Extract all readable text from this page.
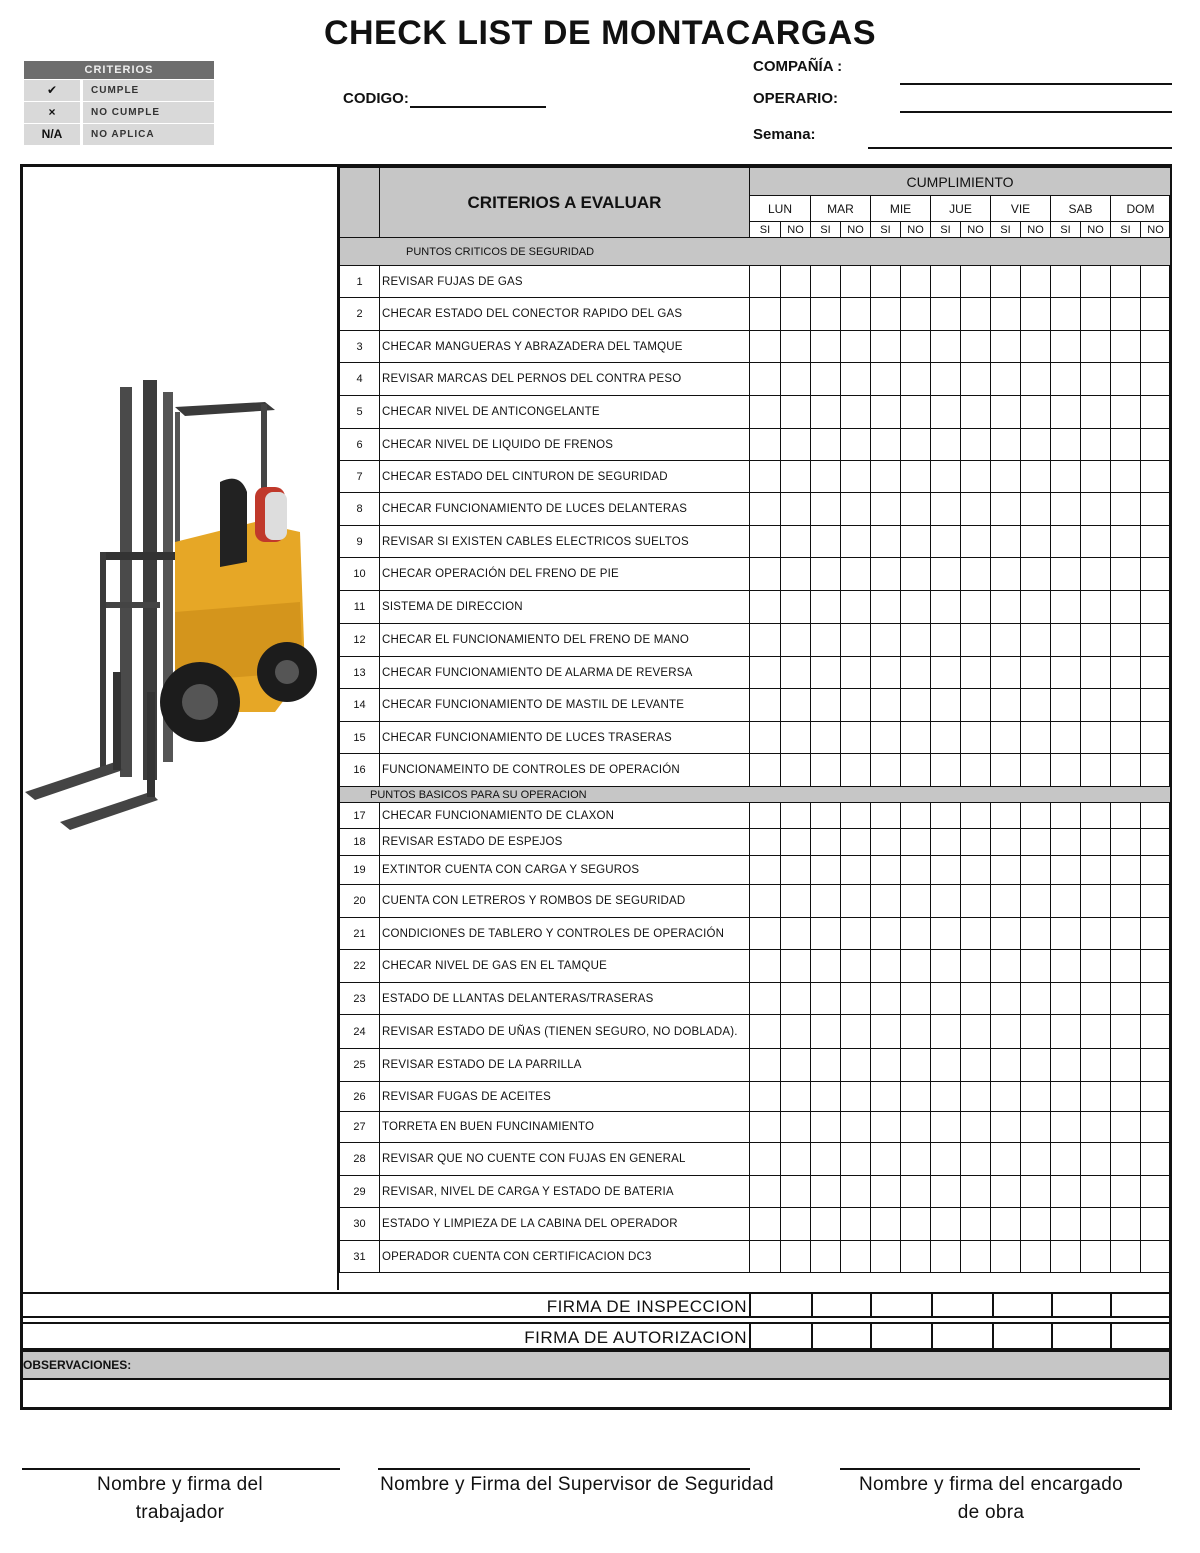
CHECK LIST DE MONTACARGAS
CRITERIOS
✔	CUMPLE
×	NO CUMPLE
N/A	NO APLICA
CODIGO:
COMPAÑÍA :
OPERARIO:
Semana:
	CRITERIOS A EVALUAR	CUMPLIMIENTO													
		LUN		MAR		MIE		JUE		VIE		SAB		DOM	
		SI	NO	SI	NO	SI	NO	SI	NO	SI	NO	SI	NO	SI	NO
PUNTOS CRITICOS DE SEGURIDAD															
1	REVISAR FUJAS DE GAS														
2	CHECAR ESTADO DEL CONECTOR RAPIDO DEL GAS														
3	CHECAR MANGUERAS Y ABRAZADERA DEL TAMQUE														
4	REVISAR MARCAS DEL PERNOS DEL CONTRA PESO														
5	CHECAR NIVEL DE ANTICONGELANTE														
6	CHECAR NIVEL DE LIQUIDO DE FRENOS														
7	CHECAR ESTADO DEL CINTURON DE SEGURIDAD														
8	CHECAR FUNCIONAMIENTO DE LUCES DELANTERAS														
9	REVISAR SI EXISTEN CABLES ELECTRICOS SUELTOS														
10	CHECAR OPERACIÓN DEL FRENO DE PIE														
11	SISTEMA DE DIRECCION														
12	CHECAR EL FUNCIONAMIENTO DEL FRENO DE MANO														
13	CHECAR FUNCIONAMIENTO DE ALARMA DE REVERSA														
14	CHECAR FUNCIONAMIENTO DE MASTIL DE LEVANTE														
15	CHECAR FUNCIONAMIENTO DE LUCES TRASERAS														
16	FUNCIONAMEINTO DE CONTROLES DE OPERACIÓN														
PUNTOS BASICOS PARA SU OPERACION															
17	CHECAR FUNCIONAMIENTO DE CLAXON														
18	REVISAR ESTADO DE ESPEJOS														
19	EXTINTOR CUENTA CON CARGA Y SEGUROS														
20	CUENTA CON LETREROS Y ROMBOS DE SEGURIDAD														
21	CONDICIONES DE TABLERO Y CONTROLES DE OPERACIÓN														
22	CHECAR NIVEL DE GAS EN EL TAMQUE														
23	ESTADO DE LLANTAS DELANTERAS/TRASERAS														
24	REVISAR ESTADO DE UÑAS (TIENEN SEGURO, NO DOBLADA).														
25	REVISAR ESTADO DE LA PARRILLA														
26	REVISAR FUGAS DE ACEITES														
27	TORRETA EN BUEN FUNCINAMIENTO														
28	REVISAR QUE NO CUENTE CON FUJAS EN GENERAL														
29	REVISAR, NIVEL DE CARGA Y ESTADO DE BATERIA														
30	ESTADO Y LIMPIEZA DE LA CABINA DEL OPERADOR														
31	OPERADOR CUENTA CON CERTIFICACION DC3														
FIRMA DE INSPECCION
FIRMA DE AUTORIZACION
OBSERVACIONES:
Nombre y firma del trabajador
Nombre y Firma del Supervisor de Seguridad	Nombre y firma del encargado de obra
